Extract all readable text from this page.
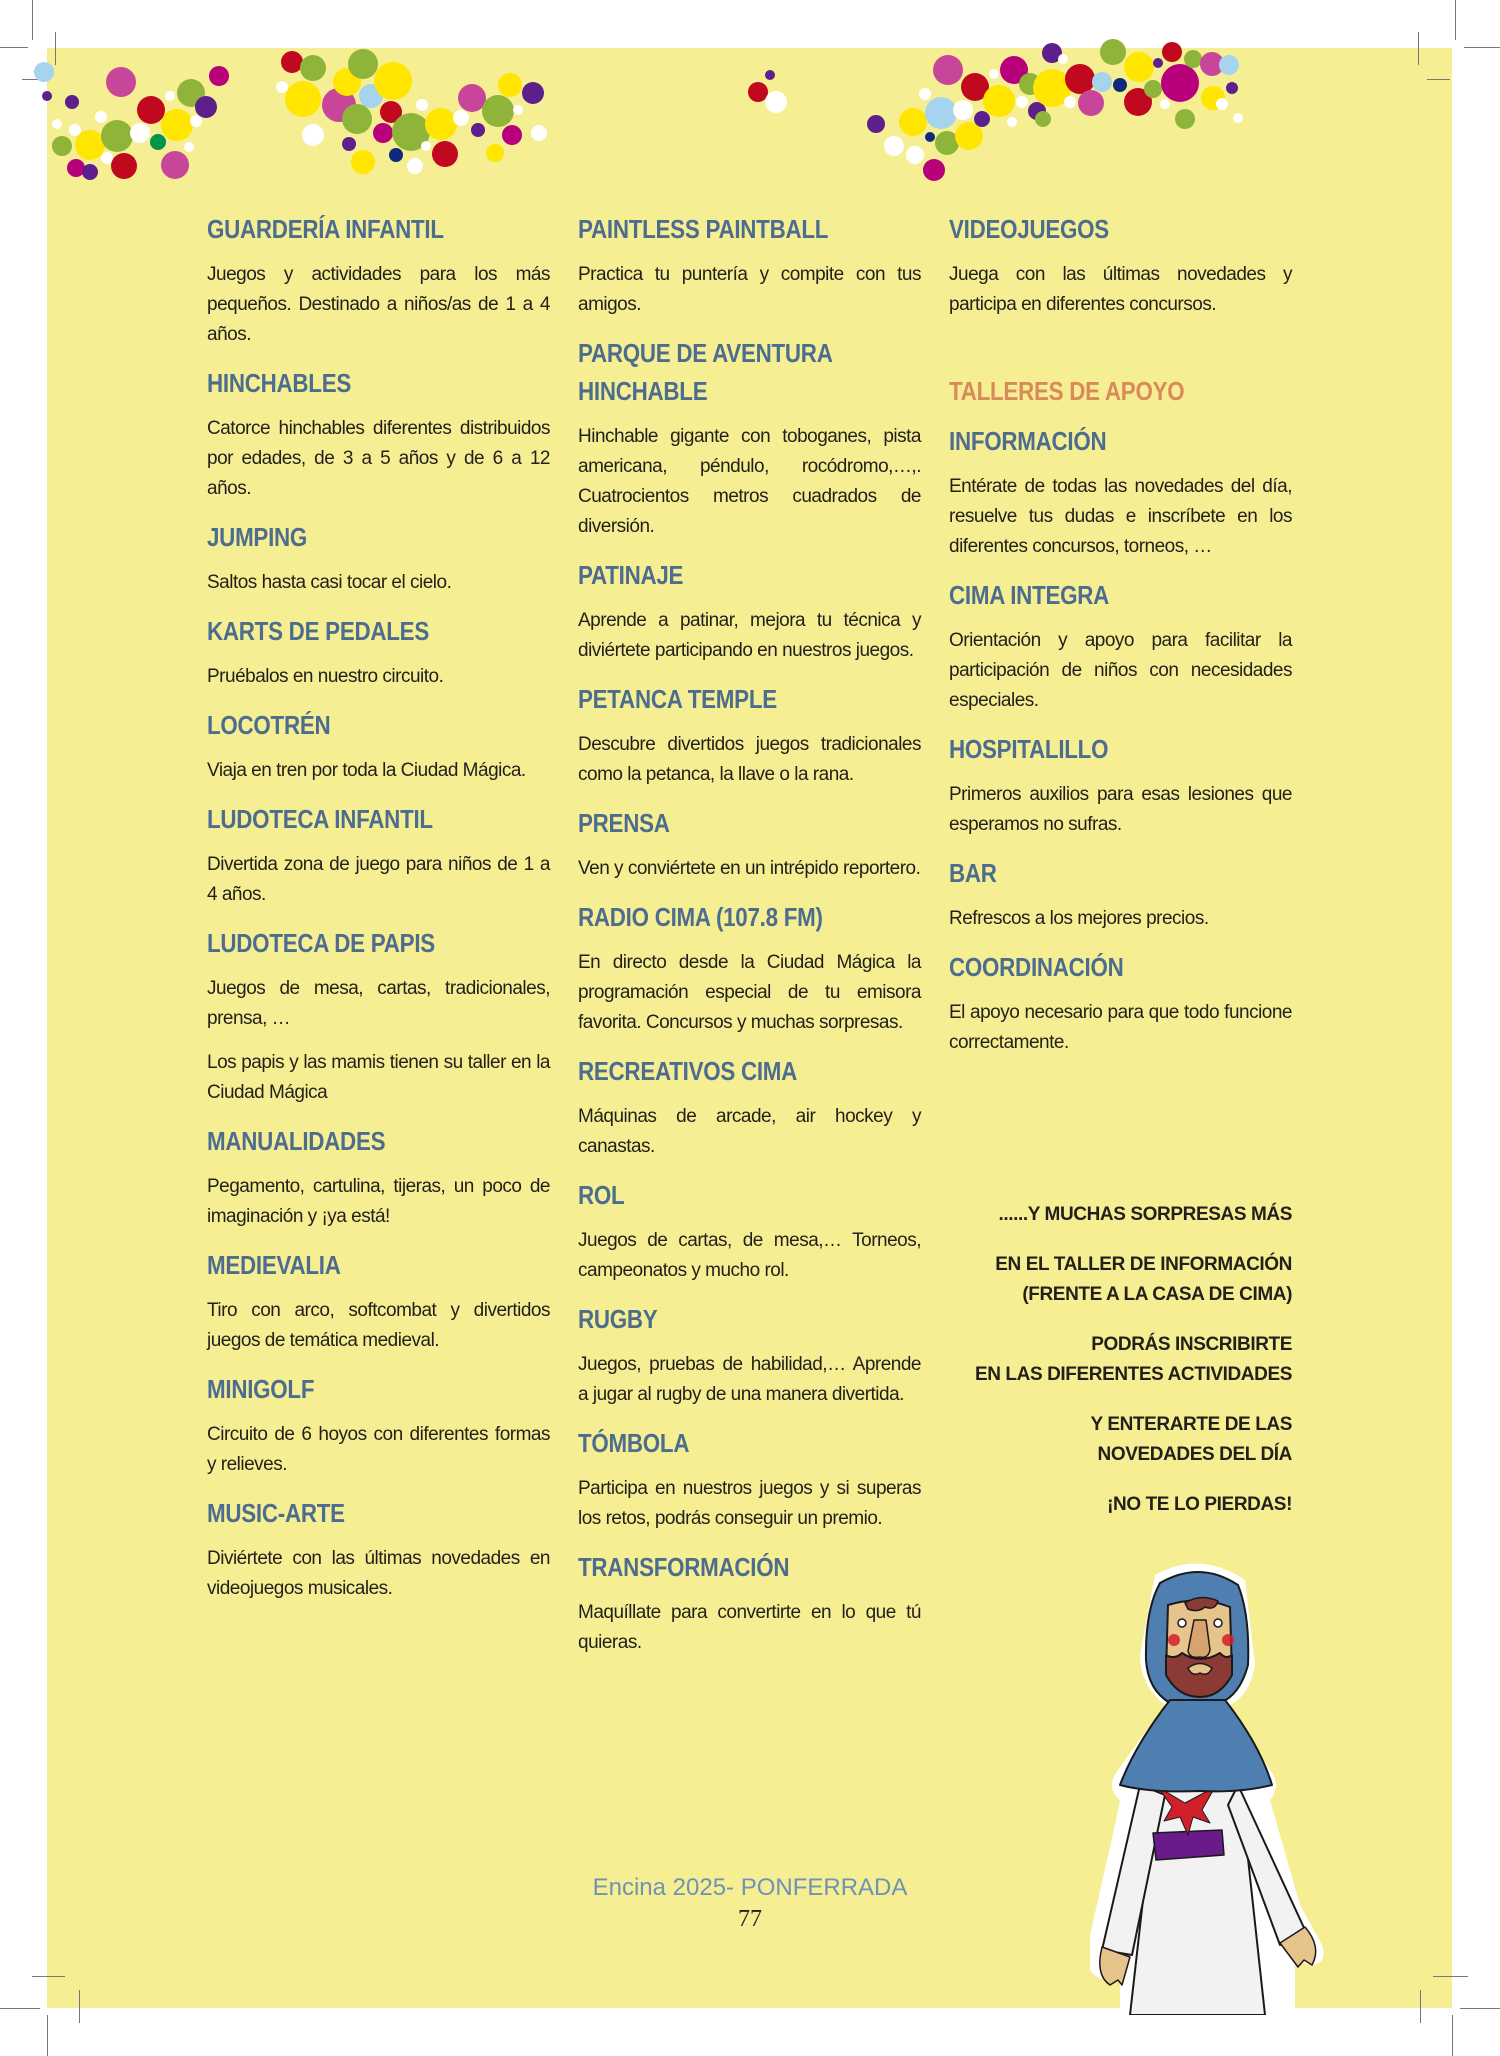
GUARDERÍA INFANTIL

Juegos y actividades para los más pequeños. Destinado a niños/as de 1 a 4 años.

HINCHABLES

Catorce hinchables diferentes distribuidos por edades, de 3 a 5 años y de 6 a 12 años.

JUMPING

Saltos hasta casi tocar el cielo.

KARTS DE PEDALES

Pruébalos en nuestro circuito.

LOCOTRÉN

Viaja en tren por toda la Ciudad Mágica.

LUDOTECA INFANTIL

Divertida zona de juego para niños de 1 a 4 años.

LUDOTECA DE PAPIS

Juegos de mesa, cartas, tradicionales, prensa, …

Los papis y las mamis tienen su taller en la Ciudad Mágica

MANUALIDADES

Pegamento, cartulina, tijeras, un poco de imaginación y ¡ya está!

MEDIEVALIA

Tiro con arco, softcombat y divertidos juegos de temática medieval.

MINIGOLF

Circuito de 6 hoyos con diferentes formas y relieves.

MUSIC-ARTE

Diviértete con las últimas novedades en videojuegos musicales.

PAINTLESS PAINTBALL

Practica tu puntería y compite con tus amigos.

PARQUE DE AVENTURA HINCHABLE

Hinchable gigante con toboganes, pista americana, péndulo, rocódromo,…,. Cuatrocientos metros cuadrados de diversión.

PATINAJE

Aprende a patinar, mejora tu técnica y diviértete participando en nuestros juegos.

PETANCA TEMPLE

Descubre divertidos juegos tradicionales como la petanca, la llave o la rana.

PRENSA

Ven y conviértete en un intrépido reportero.

RADIO CIMA (107.8 FM)

En directo desde la Ciudad Mágica la programación especial de tu emisora favorita. Concursos y muchas sorpresas.

RECREATIVOS CIMA

Máquinas de arcade, air hockey y canastas.

ROL

Juegos de cartas, de mesa,… Torneos, campeonatos y mucho rol.

RUGBY

Juegos, pruebas de habilidad,… Aprende a jugar al rugby de una manera divertida.

TÓMBOLA

Participa en nuestros juegos y si superas los retos, podrás conseguir un premio.

TRANSFORMACIÓN

Maquíllate para convertirte en lo que tú quieras.

VIDEOJUEGOS

Juega con las últimas novedades y participa en diferentes concursos.

TALLERES DE APOYO
INFORMACIÓN

Entérate de todas las novedades del día, resuelve tus dudas e inscríbete en los diferentes concursos, torneos, …

CIMA INTEGRA

Orientación y apoyo para facilitar la participación de niños con necesidades especiales.

HOSPITALILLO

Primeros auxilios para esas lesiones que esperamos no sufras.

BAR

Refrescos a los mejores precios.

COORDINACIÓN

El apoyo necesario para que todo funcione correctamente.

......Y MUCHAS SORPRESAS MÁS

EN EL TALLER DE INFORMACIÓN
(FRENTE A LA CASA DE CIMA)

PODRÁS INSCRIBIRTE
EN LAS DIFERENTES ACTIVIDADES

Y ENTERARTE DE LAS
NOVEDADES DEL DÍA

¡NO TE LO PIERDAS!

Encina 2025- PONFERRADA
77
